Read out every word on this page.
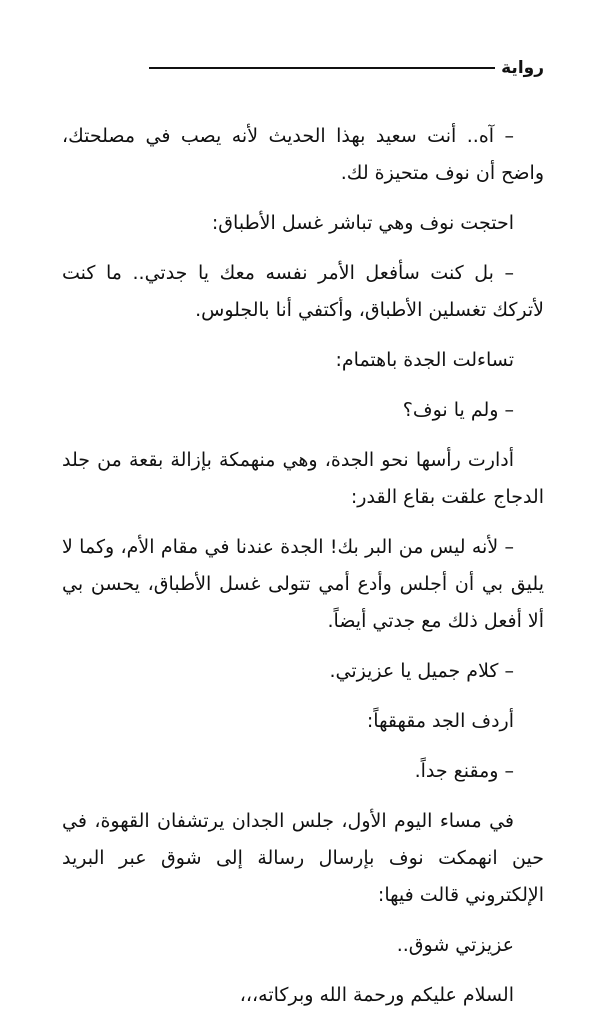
رواية

– آه.. أنت سعيد بهذا الحديث لأنه يصب في مصلحتك، واضح أن نوف متحيزة لك.

احتجت نوف وهي تباشر غسل الأطباق:

– بل كنت سأفعل الأمر نفسه معك يا جدتي.. ما كنت لأتركك تغسلين الأطباق، وأكتفي أنا بالجلوس.

تساءلت الجدة باهتمام:

– ولم يا نوف؟

أدارت رأسها نحو الجدة، وهي منهمكة بإزالة بقعة من جلد الدجاج علقت بقاع القدر:

– لأنه ليس من البر بك! الجدة عندنا في مقام الأم، وكما لا يليق بي أن أجلس وأدع أمي تتولى غسل الأطباق، يحسن بي ألا أفعل ذلك مع جدتي أيضاً.

– كلام جميل يا عزيزتي.

أردف الجد مقهقهاً:

– ومقنع جداً.

في مساء اليوم الأول، جلس الجدان يرتشفان القهوة، في حين انهمكت نوف بإرسال رسالة إلى شوق عبر البريد الإلكتروني قالت فيها:

عزيزتي شوق..

السلام عليكم ورحمة الله وبركاته،،،
